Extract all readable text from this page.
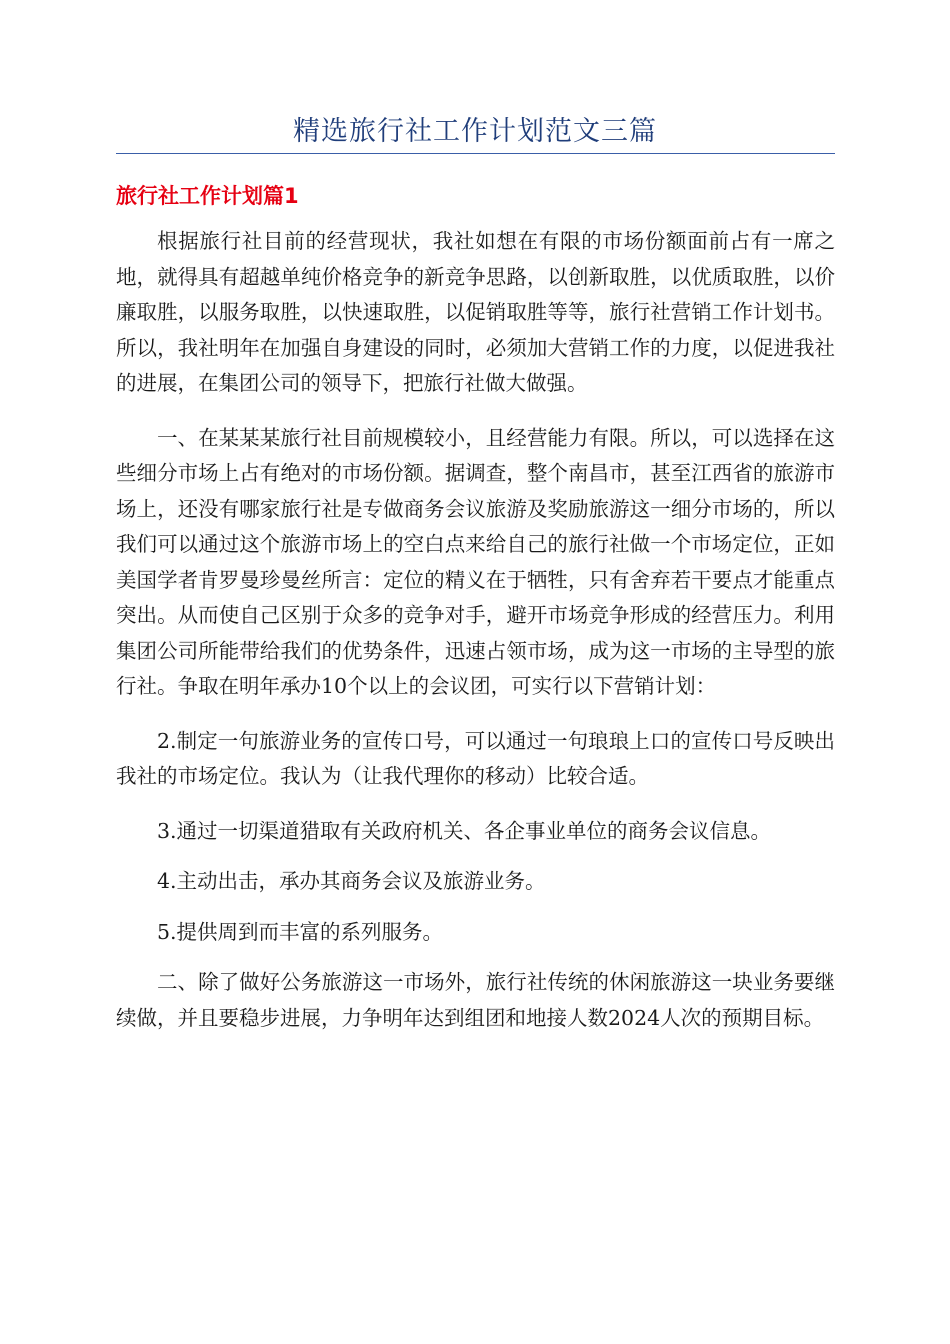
精选旅行社工作计划范文三篇
旅行社工作计划篇1

根据旅行社目前的经营现状，我社如想在有限的市场份额面前占有一席之地，就得具有超越单纯价格竞争的新竞争思路，以创新取胜，以优质取胜，以价廉取胜，以服务取胜，以快速取胜，以促销取胜等等，旅行社营销工作计划书。所以，我社明年在加强自身建设的同时，必须加大营销工作的力度，以促进我社的进展，在集团公司的领导下，把旅行社做大做强。

一、在某某某旅行社目前规模较小，且经营能力有限。所以，可以选择在这些细分市场上占有绝对的市场份额。据调查，整个南昌市，甚至江西省的旅游市场上，还没有哪家旅行社是专做商务会议旅游及奖励旅游这一细分市场的，所以我们可以通过这个旅游市场上的空白点来给自己的旅行社做一个市场定位，正如美国学者肯罗曼珍曼丝所言：定位的精义在于牺牲，只有舍弃若干要点才能重点突出。从而使自己区别于众多的竞争对手，避开市场竞争形成的经营压力。利用集团公司所能带给我们的优势条件，迅速占领市场，成为这一市场的主导型的旅行社。争取在明年承办10个以上的会议团，可实行以下营销计划：

2.制定一句旅游业务的宣传口号，可以通过一句琅琅上口的宣传口号反映出我社的市场定位。我认为（让我代理你的移动）比较合适。

3.通过一切渠道猎取有关政府机关、各企事业单位的商务会议信息。

4.主动出击，承办其商务会议及旅游业务。

5.提供周到而丰富的系列服务。

二、除了做好公务旅游这一市场外，旅行社传统的休闲旅游这一块业务要继续做，并且要稳步进展，力争明年达到组团和地接人数2024人次的预期目标。
